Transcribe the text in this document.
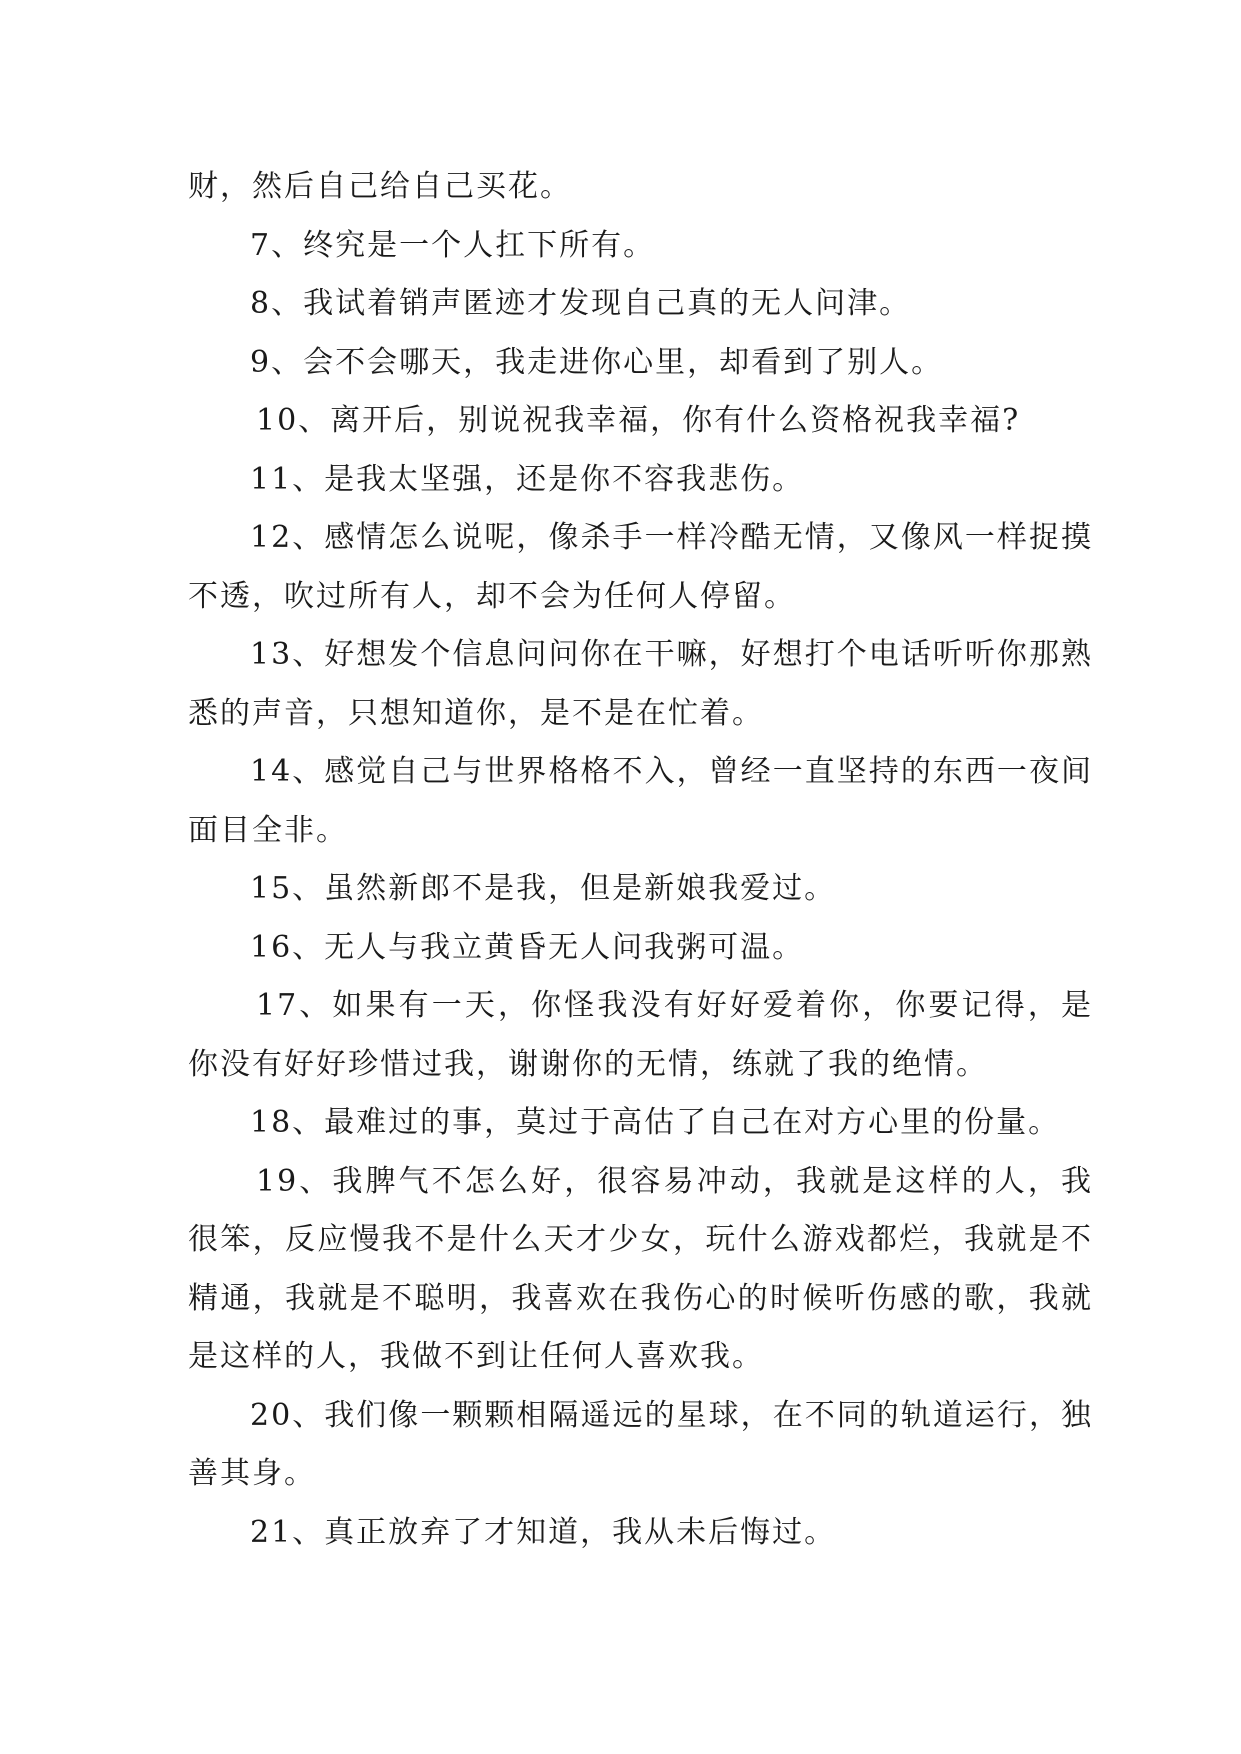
财，然后自己给自己买花。

7、终究是一个人扛下所有。

8、我试着销声匿迹才发现自己真的无人问津。

9、会不会哪天，我走进你心里，却看到了别人。

10、离开后，别说祝我幸福，你有什么资格祝我幸福?

11、是我太坚强，还是你不容我悲伤。

12、感情怎么说呢，像杀手一样冷酷无情，又像风一样捉摸不透，吹过所有人，却不会为任何人停留。

13、好想发个信息问问你在干嘛，好想打个电话听听你那熟悉的声音，只想知道你，是不是在忙着。

14、感觉自己与世界格格不入，曾经一直坚持的东西一夜间面目全非。

15、虽然新郎不是我，但是新娘我爱过。

16、无人与我立黄昏无人问我粥可温。

17、如果有一天，你怪我没有好好爱着你，你要记得，是你没有好好珍惜过我，谢谢你的无情，练就了我的绝情。

18、最难过的事，莫过于高估了自己在对方心里的份量。

19、我脾气不怎么好，很容易冲动，我就是这样的人，我很笨，反应慢我不是什么天才少女，玩什么游戏都烂，我就是不精通，我就是不聪明，我喜欢在我伤心的时候听伤感的歌，我就是这样的人，我做不到让任何人喜欢我。

20、我们像一颗颗相隔遥远的星球，在不同的轨道运行，独善其身。

21、真正放弃了才知道，我从未后悔过。
